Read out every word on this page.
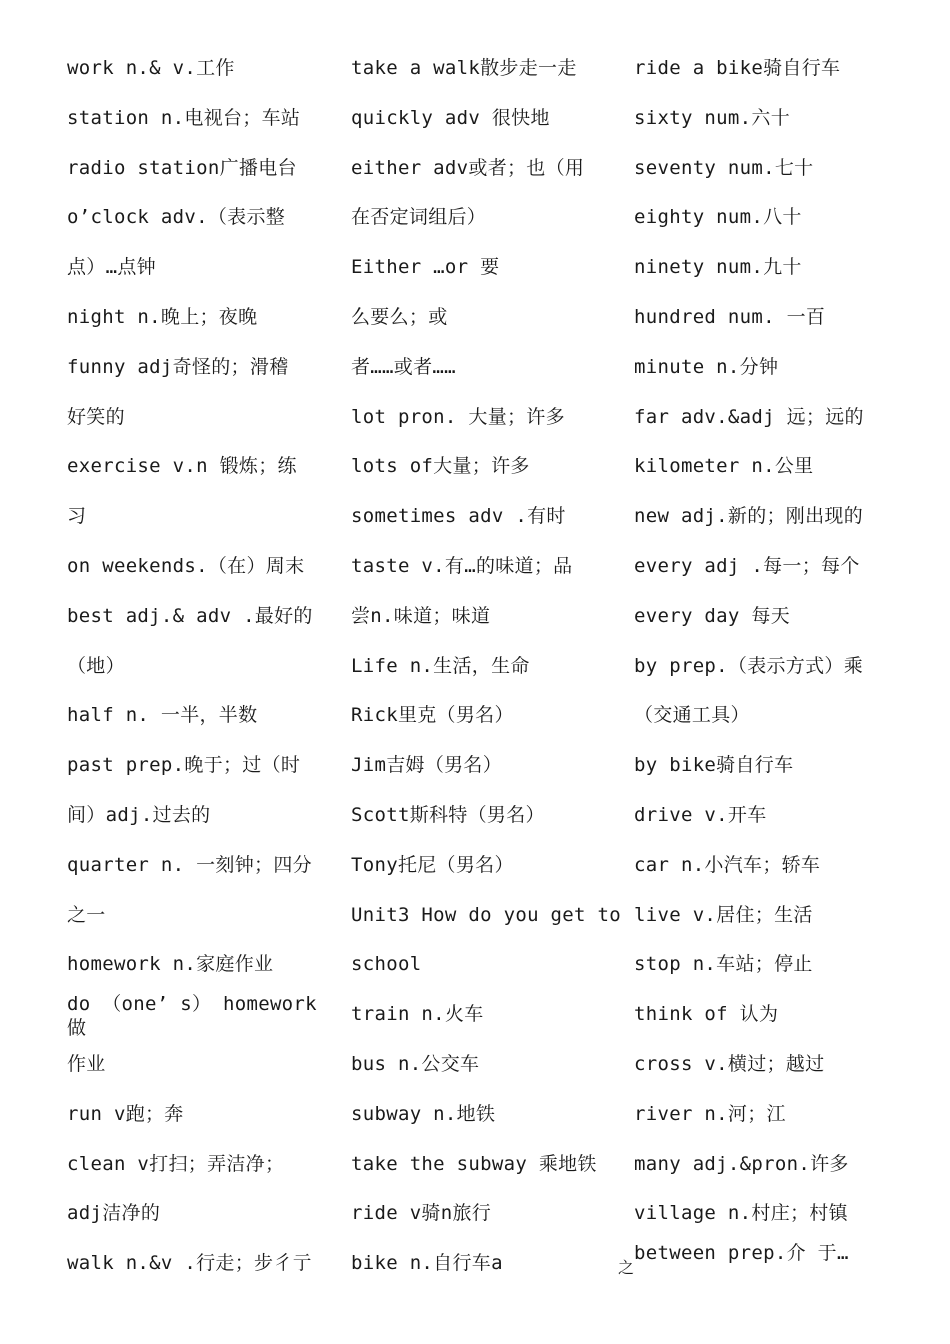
work n.& v.工作
station n.电视台；车站
radio station广播电台
o’clock adv.（表示整
点）…点钟
night n.晚上；夜晚
funny adj奇怪的；滑稽
好笑的
exercise v.n 锻炼；练
习
on weekends.（在）周末
best adj.& adv .最好的
（地）
half n. 一半，半数
past prep.晚于；过（时
间）adj.过去的
quarter n. 一刻钟；四分
之一
homework n.家庭作业
do （one’ s） homework 做
作业
run v跑；奔
clean v打扫；弄洁净；
adj洁净的
walk n.&v .行走；步彳亍
take a walk散步走一走
quickly adv 很快地
either adv或者；也（用
在否定词组后）
Either …or 要
么要么；或
者……或者……
lot pron. 大量；许多
lots of大量；许多
sometimes adv .有时
taste v.有…的味道；品
尝n.味道；味道
Life n.生活，生命
Rick里克（男名）
Jim吉姆（男名）
Scott斯科特（男名）
Tony托尼（男名）
Unit3 How do you get to
school
train n.火车
bus n.公交车
subway n.地铁
take the subway 乘地铁
ride v骑n旅行
bike n.自行车a
ride a bike骑自行车
sixty num.六十
seventy num.七十
eighty num.八十
ninety num.九十
hundred num. 一百
minute n.分钟
far adv.&adj 远；远的
kilometer n.公里
new adj.新的；刚出现的
every adj .每一；每个
every day 每天
by prep.（表示方式）乘
（交通工具）
by bike骑自行车
drive v.开车
car n.小汽车；轿车
live v.居住；生活
stop n.车站；停止
think of 认为
cross v.横过；越过
river n.河；江
many adj.&pron.许多
village n.村庄；村镇
between prep.介 于…
之
